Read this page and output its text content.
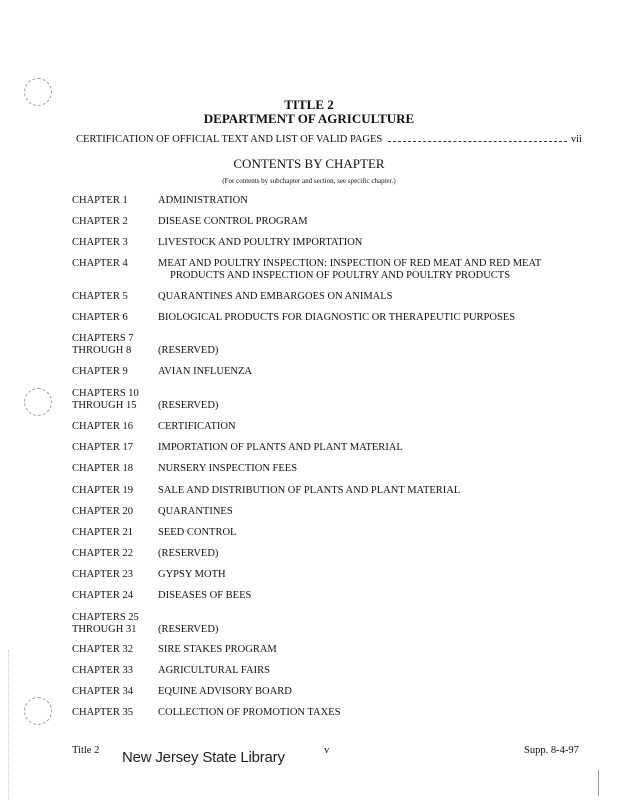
TITLE 2
DEPARTMENT OF AGRICULTURE
CERTIFICATION OF OFFICIAL TEXT AND LIST OF VALID PAGES	vii
CONTENTS BY CHAPTER
(For contents by subchapter and section, see specific chapter.)
CHAPTER 1	ADMINISTRATION
CHAPTER 2	DISEASE CONTROL PROGRAM
CHAPTER 3	LIVESTOCK AND POULTRY IMPORTATION
CHAPTER 4	MEAT AND POULTRY INSPECTION: INSPECTION OF RED MEAT AND RED MEAT
PRODUCTS AND INSPECTION OF POULTRY AND POULTRY PRODUCTS
CHAPTER 5	QUARANTINES AND EMBARGOES ON ANIMALS
CHAPTER 6	BIOLOGICAL PRODUCTS FOR DIAGNOSTIC OR THERAPEUTIC PURPOSES
CHAPTERS 7
THROUGH 8	(RESERVED)
CHAPTER 9	AVIAN INFLUENZA
CHAPTERS 10
THROUGH 15	(RESERVED)
CHAPTER 16	CERTIFICATION
CHAPTER 17	IMPORTATION OF PLANTS AND PLANT MATERIAL
CHAPTER 18	NURSERY INSPECTION FEES
CHAPTER 19	SALE AND DISTRIBUTION OF PLANTS AND PLANT MATERIAL
CHAPTER 20	QUARANTINES
CHAPTER 21	SEED CONTROL
CHAPTER 22	(RESERVED)
CHAPTER 23	GYPSY MOTH
CHAPTER 24	DISEASES OF BEES
CHAPTERS 25
THROUGH 31	(RESERVED)
CHAPTER 32	SIRE STAKES PROGRAM
CHAPTER 33	AGRICULTURAL FAIRS
CHAPTER 34	EQUINE ADVISORY BOARD
CHAPTER 35	COLLECTION OF PROMOTION TAXES
Title 2 New Jersey State Library	v	Supp. 8-4-97
